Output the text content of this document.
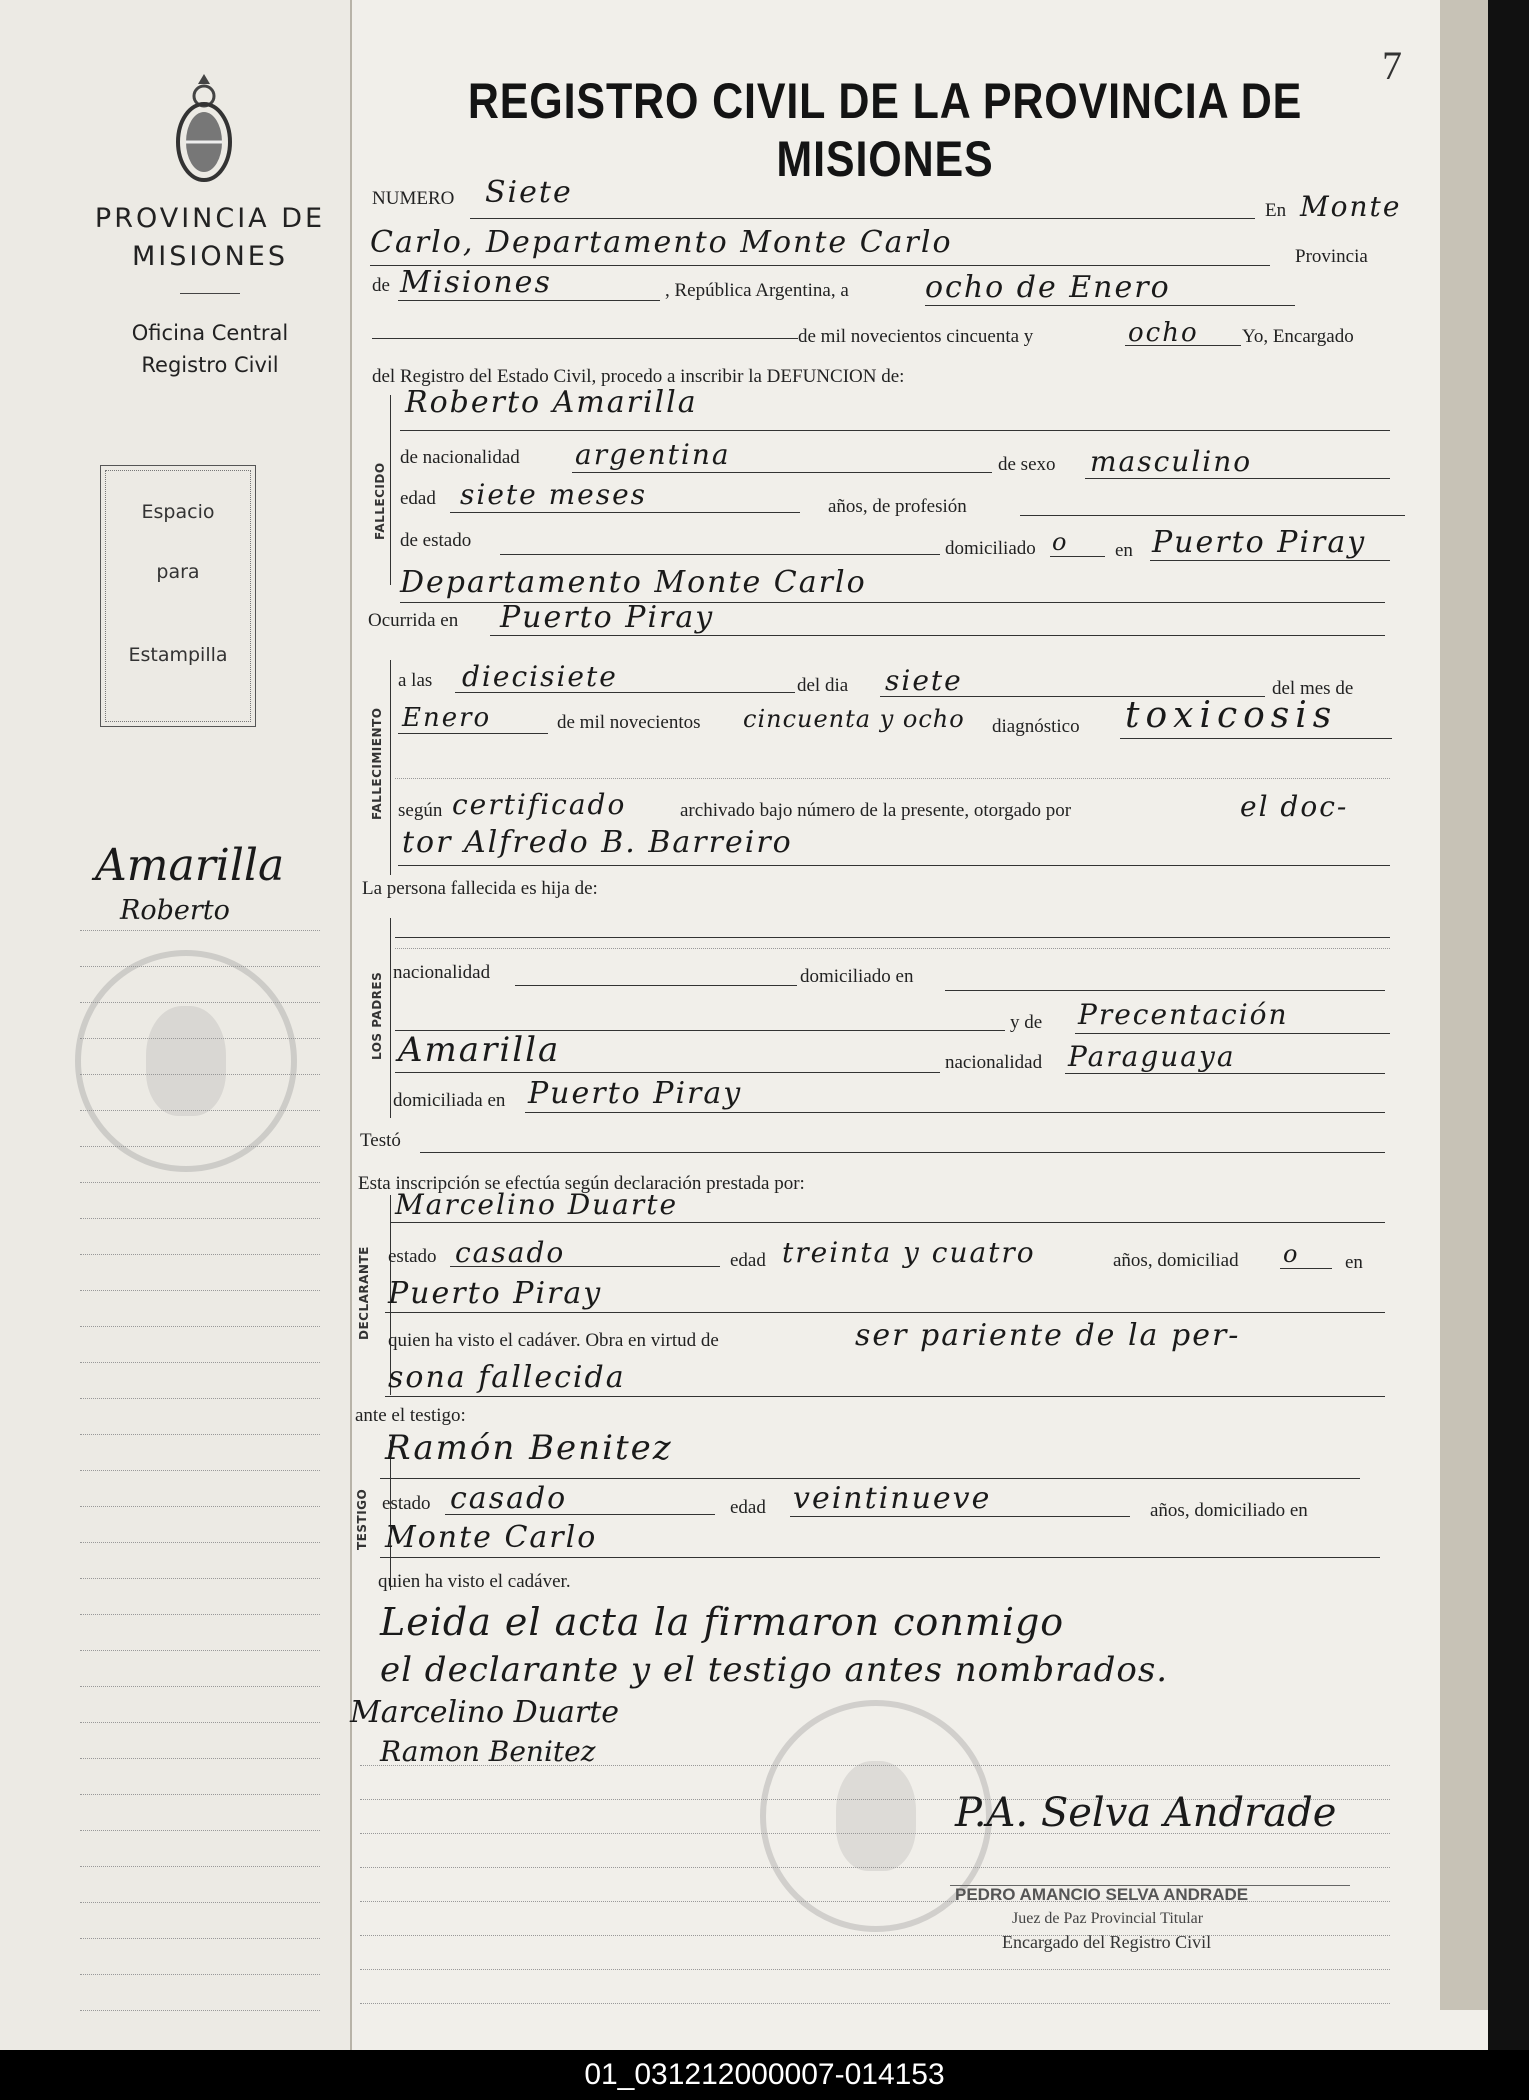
PROVINCIA DE
MISIONES
Oficina Central
Registro Civil
Espacio
para
Estampilla
Amarilla
Roberto
REGISTRO CIVIL DE LA PROVINCIA DE MISIONES
7
NUMERO Siete
En Monte
Carlo, Departamento Monte Carlo	Provincia
de Misiones	, República Argentina, a	ocho de Enero
de mil novecientos cincuenta y	ocho Yo, Encargado
del Registro del Estado Civil, procedo a inscribir la DEFUNCION de:
FALLECIDO
Roberto Amarilla
de nacionalidad argentina	de sexo masculino
edad siete meses	años, de profesión
de estado	domiciliado o en Puerto Piray
Departamento Monte Carlo
Ocurrida en Puerto Piray
FALLECIMIENTO
a las diecisiete	del dia siete	del mes de
Enero	de mil novecientos cincuenta y ocho diagnóstico toxicosis
según certificado	archivado bajo número de la presente, otorgado por	el doc-
tor Alfredo B. Barreiro
La persona fallecida es hija de:
LOS PADRES nacionalidad	domiciliado en
y de Precentación
Amarilla	nacionalidad Paraguaya
domiciliada en Puerto Piray
Testó
Esta inscripción se efectúa según declaración prestada por:
DECLARANTE
Marcelino Duarte
estado casado	edad treinta y cuatro	años, domiciliad o en
Puerto Piray
quien ha visto el cadáver. Obra en virtud de	ser pariente de la per-
sona fallecida
ante el testigo:
TESTIGO
Ramón Benitez
estado casado	edad veintinueve	años, domiciliado en
Monte Carlo
quien ha visto el cadáver.
Leida el acta la firmaron conmigo
el declarante y el testigo antes nombrados.
Marcelino Duarte
Ramon Benitez
P.A. Selva Andrade
PEDRO AMANCIO SELVA ANDRADE
Juez de Paz Provincial Titular
Encargado del Registro Civil
01_031212000007-014153
